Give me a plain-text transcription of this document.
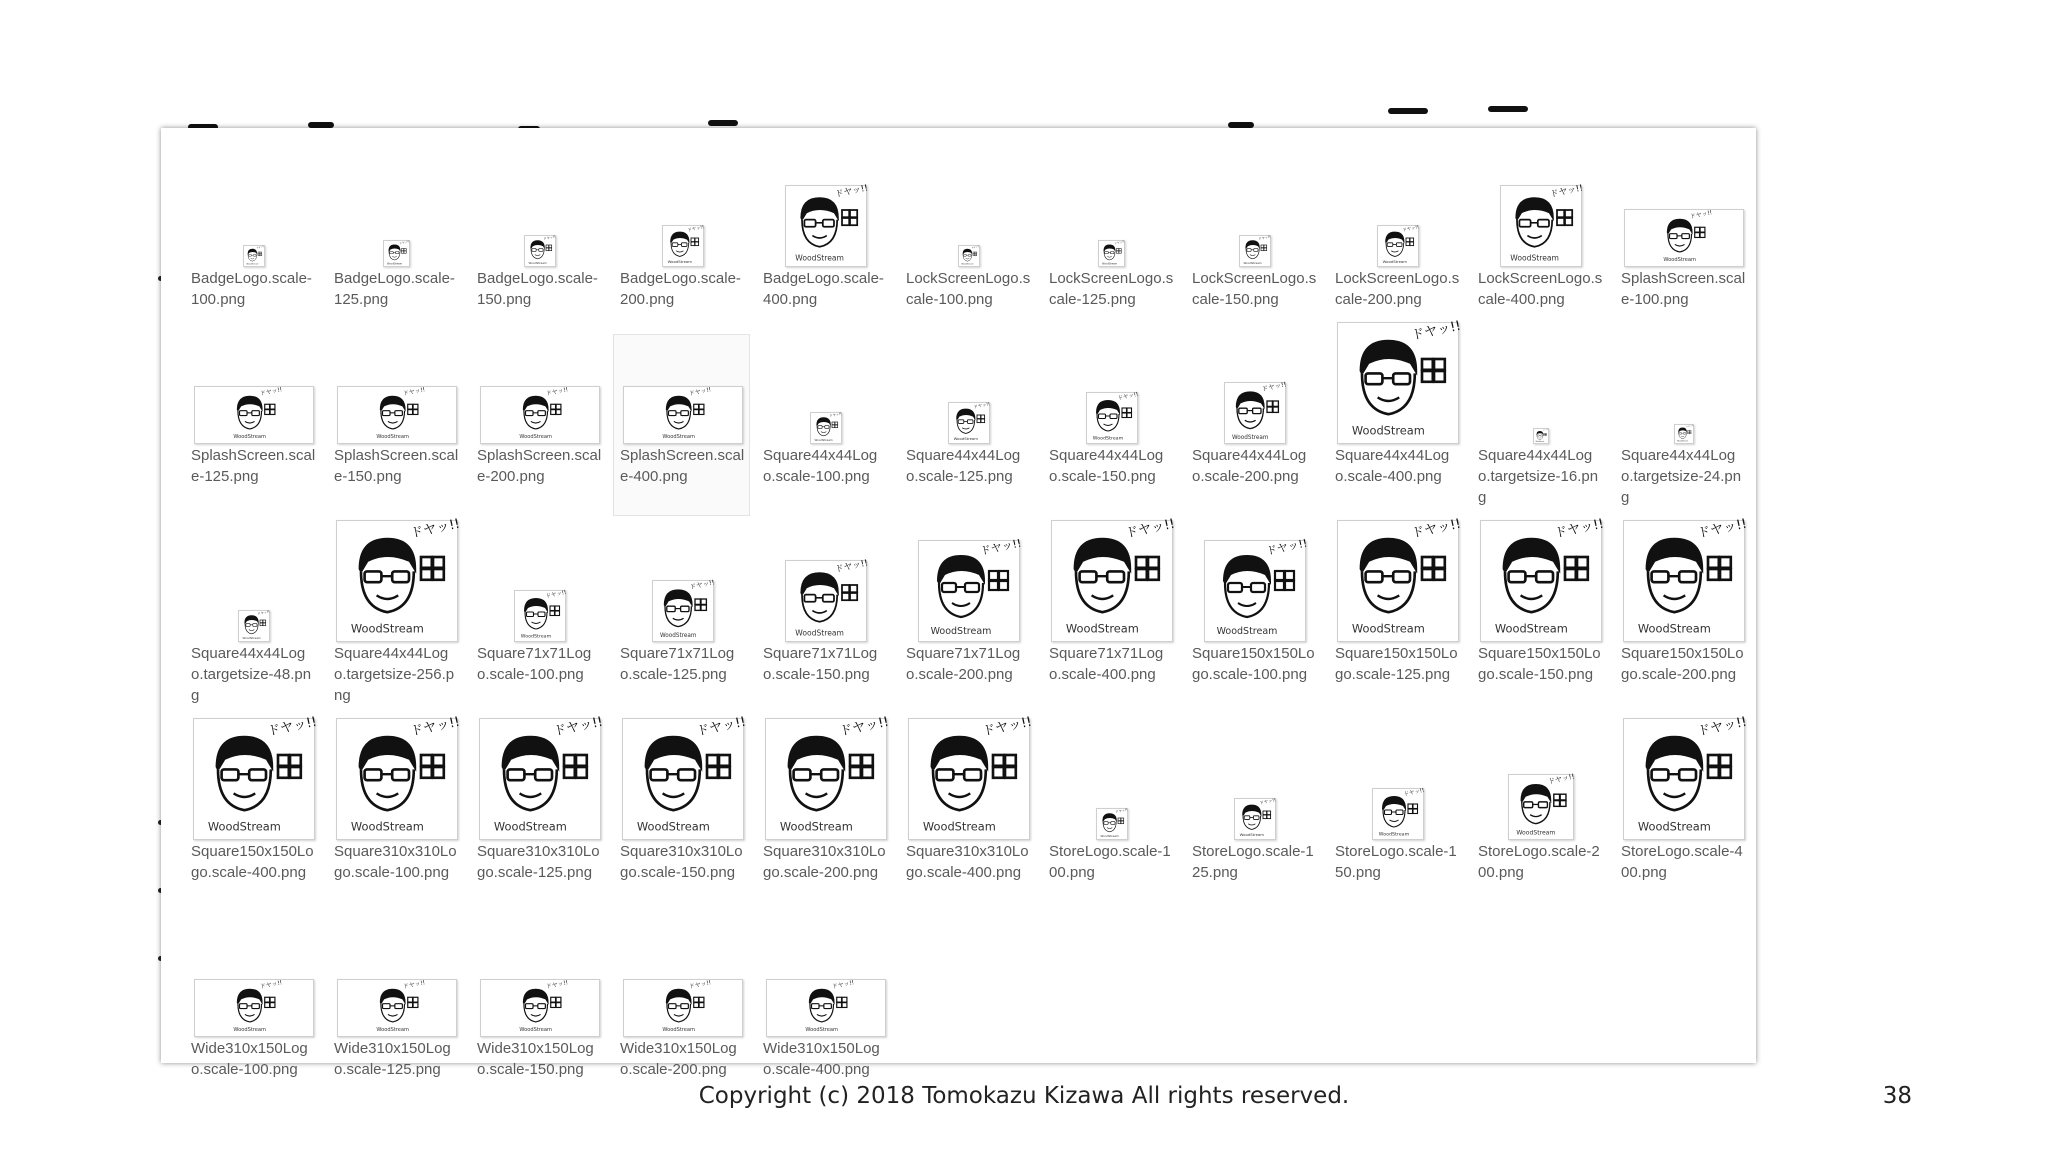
ドヤッ!!
WoodStream
BadgeLogo.scale-100.png
ドヤッ!!
WoodStream
BadgeLogo.scale-125.png
ドヤッ!!
WoodStream
BadgeLogo.scale-150.png
ドヤッ!!
WoodStream
BadgeLogo.scale-200.png
ドヤッ!!
WoodStream
BadgeLogo.scale-400.png
ドヤッ!!
WoodStream
LockScreenLogo.scale-100.png
ドヤッ!!
WoodStream
LockScreenLogo.scale-125.png
ドヤッ!!
WoodStream
LockScreenLogo.scale-150.png
ドヤッ!!
WoodStream
LockScreenLogo.scale-200.png
ドヤッ!!
WoodStream
LockScreenLogo.scale-400.png
ドヤッ!!
WoodStream
SplashScreen.scale-100.png
ドヤッ!!
WoodStream
SplashScreen.scale-125.png
ドヤッ!!
WoodStream
SplashScreen.scale-150.png
ドヤッ!!
WoodStream
SplashScreen.scale-200.png
ドヤッ!!
WoodStream
SplashScreen.scale-400.png
ドヤッ!!
WoodStream
Square44x44Logo.scale-100.png
ドヤッ!!
WoodStream
Square44x44Logo.scale-125.png
ドヤッ!!
WoodStream
Square44x44Logo.scale-150.png
ドヤッ!!
WoodStream
Square44x44Logo.scale-200.png
ドヤッ!!
WoodStream
Square44x44Logo.scale-400.png
ドヤッ!!
WoodStream
Square44x44Logo.targetsize-16.png
ドヤッ!!
WoodStream
Square44x44Logo.targetsize-24.png
ドヤッ!!
WoodStream
Square44x44Logo.targetsize-48.png
ドヤッ!!
WoodStream
Square44x44Logo.targetsize-256.png
ドヤッ!!
WoodStream
Square71x71Logo.scale-100.png
ドヤッ!!
WoodStream
Square71x71Logo.scale-125.png
ドヤッ!!
WoodStream
Square71x71Logo.scale-150.png
ドヤッ!!
WoodStream
Square71x71Logo.scale-200.png
ドヤッ!!
WoodStream
Square71x71Logo.scale-400.png
ドヤッ!!
WoodStream
Square150x150Logo.scale-100.png
ドヤッ!!
WoodStream
Square150x150Logo.scale-125.png
ドヤッ!!
WoodStream
Square150x150Logo.scale-150.png
ドヤッ!!
WoodStream
Square150x150Logo.scale-200.png
ドヤッ!!
WoodStream
Square150x150Logo.scale-400.png
ドヤッ!!
WoodStream
Square310x310Logo.scale-100.png
ドヤッ!!
WoodStream
Square310x310Logo.scale-125.png
ドヤッ!!
WoodStream
Square310x310Logo.scale-150.png
ドヤッ!!
WoodStream
Square310x310Logo.scale-200.png
ドヤッ!!
WoodStream
Square310x310Logo.scale-400.png
ドヤッ!!
WoodStream
StoreLogo.scale-100.png
ドヤッ!!
WoodStream
StoreLogo.scale-125.png
ドヤッ!!
WoodStream
StoreLogo.scale-150.png
ドヤッ!!
WoodStream
StoreLogo.scale-200.png
ドヤッ!!
WoodStream
StoreLogo.scale-400.png
ドヤッ!!
WoodStream
Wide310x150Logo.scale-100.png
ドヤッ!!
WoodStream
Wide310x150Logo.scale-125.png
ドヤッ!!
WoodStream
Wide310x150Logo.scale-150.png
ドヤッ!!
WoodStream
Wide310x150Logo.scale-200.png
ドヤッ!!
WoodStream
Wide310x150Logo.scale-400.png
Copyright (c) 2018 Tomokazu Kizawa All rights reserved.	38
